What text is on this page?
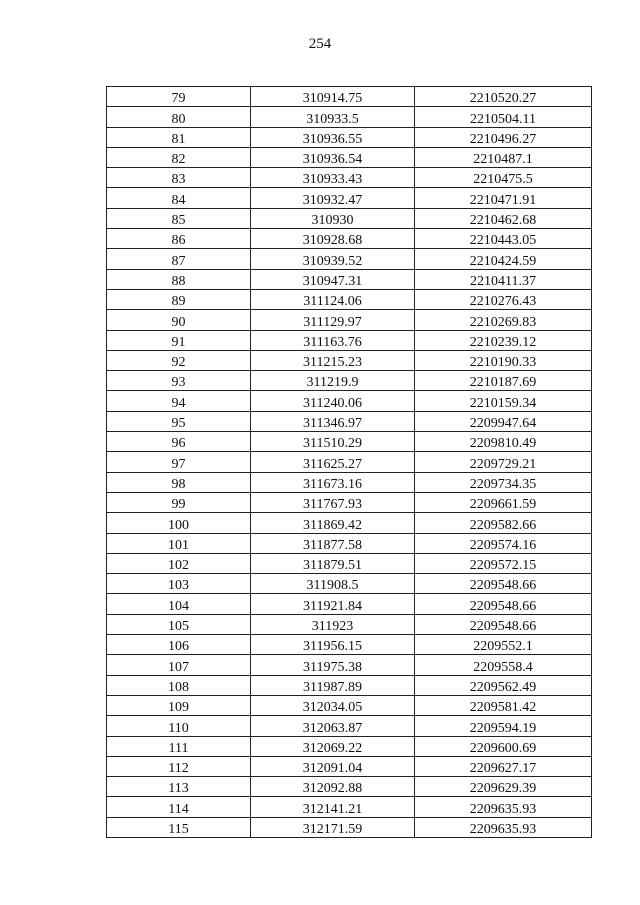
254
79	310914.75	2210520.27
80	310933.5	2210504.11
81	310936.55	2210496.27
82	310936.54	2210487.1
83	310933.43	2210475.5
84	310932.47	2210471.91
85	310930	2210462.68
86	310928.68	2210443.05
87	310939.52	2210424.59
88	310947.31	2210411.37
89	311124.06	2210276.43
90	311129.97	2210269.83
91	311163.76	2210239.12
92	311215.23	2210190.33
93	311219.9	2210187.69
94	311240.06	2210159.34
95	311346.97	2209947.64
96	311510.29	2209810.49
97	311625.27	2209729.21
98	311673.16	2209734.35
99	311767.93	2209661.59
100	311869.42	2209582.66
101	311877.58	2209574.16
102	311879.51	2209572.15
103	311908.5	2209548.66
104	311921.84	2209548.66
105	311923	2209548.66
106	311956.15	2209552.1
107	311975.38	2209558.4
108	311987.89	2209562.49
109	312034.05	2209581.42
110	312063.87	2209594.19
111	312069.22	2209600.69
112	312091.04	2209627.17
113	312092.88	2209629.39
114	312141.21	2209635.93
115	312171.59	2209635.93
